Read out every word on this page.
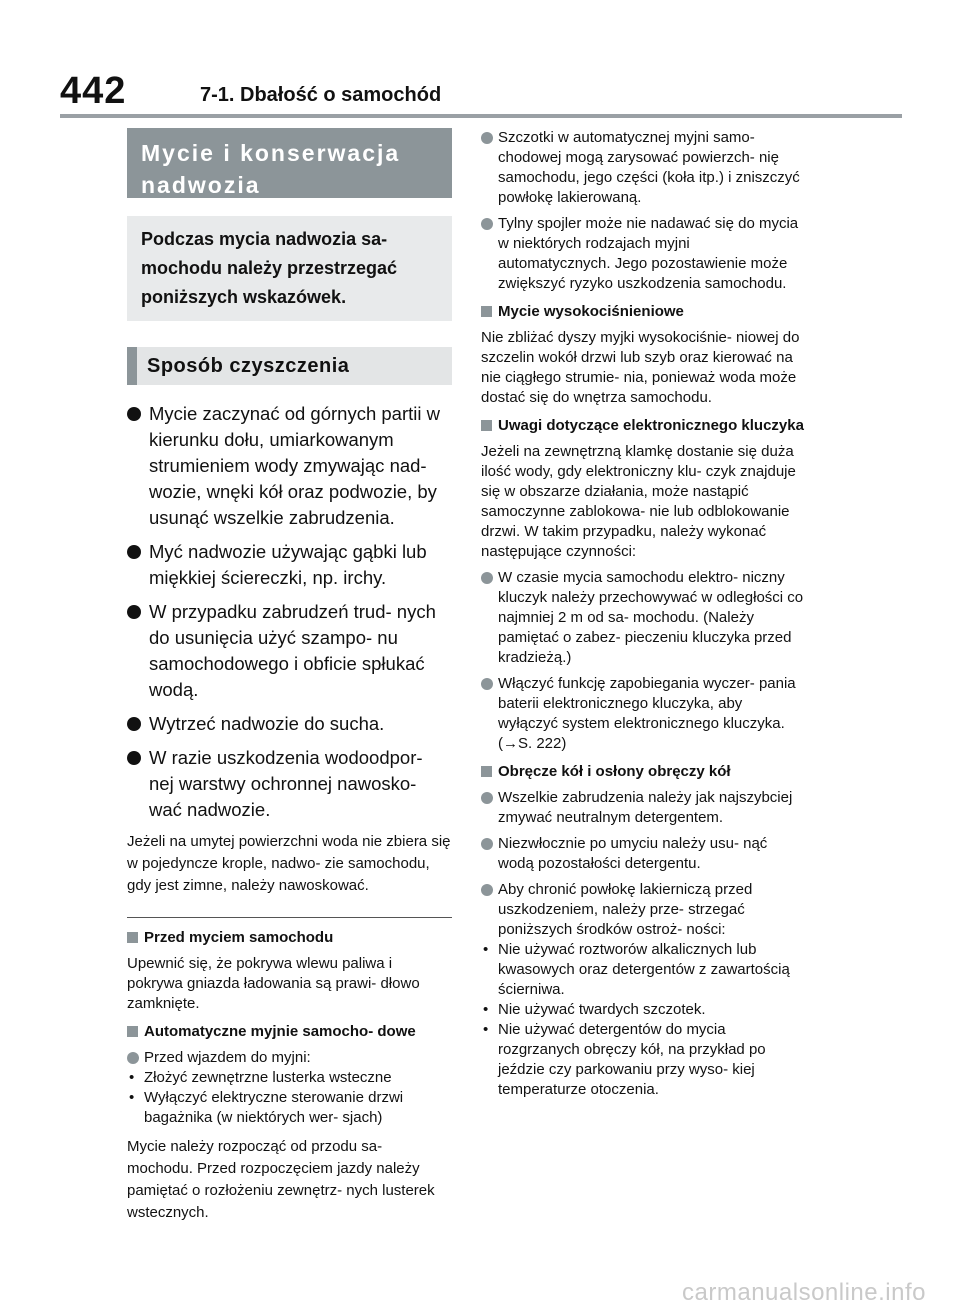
442	7-1. Dbałość o samochód
Mycie i konserwacja nadwozia
Podczas mycia nadwozia sa- mochodu należy przestrzegać poniższych wskazówek.
Sposób czyszczenia
Mycie zaczynać od górnych partii w kierunku dołu, umiarkowanym strumieniem wody zmywając nad- wozie, wnęki kół oraz podwozie, by usunąć wszelkie zabrudzenia.
Myć nadwozie używając gąbki lub miękkiej ściereczki, np. irchy.
W przypadku zabrudzeń trud- nych do usunięcia użyć szampo- nu samochodowego i obficie spłukać wodą.
Wytrzeć nadwozie do sucha.
W razie uszkodzenia wodoodpor- nej warstwy ochronnej nawosko- wać nadwozie.
Jeżeli na umytej powierzchni woda nie zbiera się w pojedyncze krople, nadwo- zie samochodu, gdy jest zimne, należy nawoskować.
Przed myciem samochodu
Upewnić się, że pokrywa wlewu paliwa i pokrywa gniazda ładowania są prawi- dłowo zamknięte.
Automatyczne myjnie samocho- dowe
Przed wjazdem do myjni:
• Złożyć zewnętrzne lusterka wsteczne
• Wyłączyć elektryczne sterowanie drzwi bagażnika (w niektórych wer- sjach)
Mycie należy rozpocząć od przodu sa- mochodu. Przed rozpoczęciem jazdy należy pamiętać o rozłożeniu zewnętrz- nych lusterek wstecznych.
Szczotki w automatycznej myjni samo- chodowej mogą zarysować powierzch- nię samochodu, jego części (koła itp.) i zniszczyć powłokę lakierowaną.
Tylny spojler może nie nadawać się do mycia w niektórych rodzajach myjni automatycznych. Jego pozostawienie może zwiększyć ryzyko uszkodzenia samochodu.
Mycie wysokociśnieniowe
Nie zbliżać dyszy myjki wysokociśnie- niowej do szczelin wokół drzwi lub szyb oraz kierować na nie ciągłego strumie- nia, ponieważ woda może dostać się do wnętrza samochodu.
Uwagi dotyczące elektronicznego kluczyka
Jeżeli na zewnętrzną klamkę dostanie się duża ilość wody, gdy elektroniczny klu- czyk znajduje się w obszarze działania, może nastąpić samoczynne zablokowa- nie lub odblokowanie drzwi. W takim przypadku, należy wykonać następujące czynności:
W czasie mycia samochodu elektro- niczny kluczyk należy przechowywać w odległości co najmniej 2 m od sa- mochodu. (Należy pamiętać o zabez- pieczeniu kluczyka przed kradzieżą.)
Włączyć funkcję zapobiegania wyczer- pania baterii elektronicznego kluczyka, aby wyłączyć system elektronicznego kluczyka. (→S. 222)
Obręcze kół i osłony obręczy kół
Wszelkie zabrudzenia należy jak najszybciej zmywać neutralnym detergentem.
Niezwłocznie po umyciu należy usu- nąć wodą pozostałości detergentu.
Aby chronić powłokę lakierniczą przed uszkodzeniem, należy prze- strzegać poniższych środków ostroż- ności:
• Nie używać roztworów alkalicznych lub kwasowych oraz detergentów z zawartością ścierniwa.
• Nie używać twardych szczotek.
• Nie używać detergentów do mycia rozgrzanych obręczy kół, na przykład po jeździe czy parkowaniu przy wyso- kiej temperaturze otoczenia.
carmanualsonline.info
